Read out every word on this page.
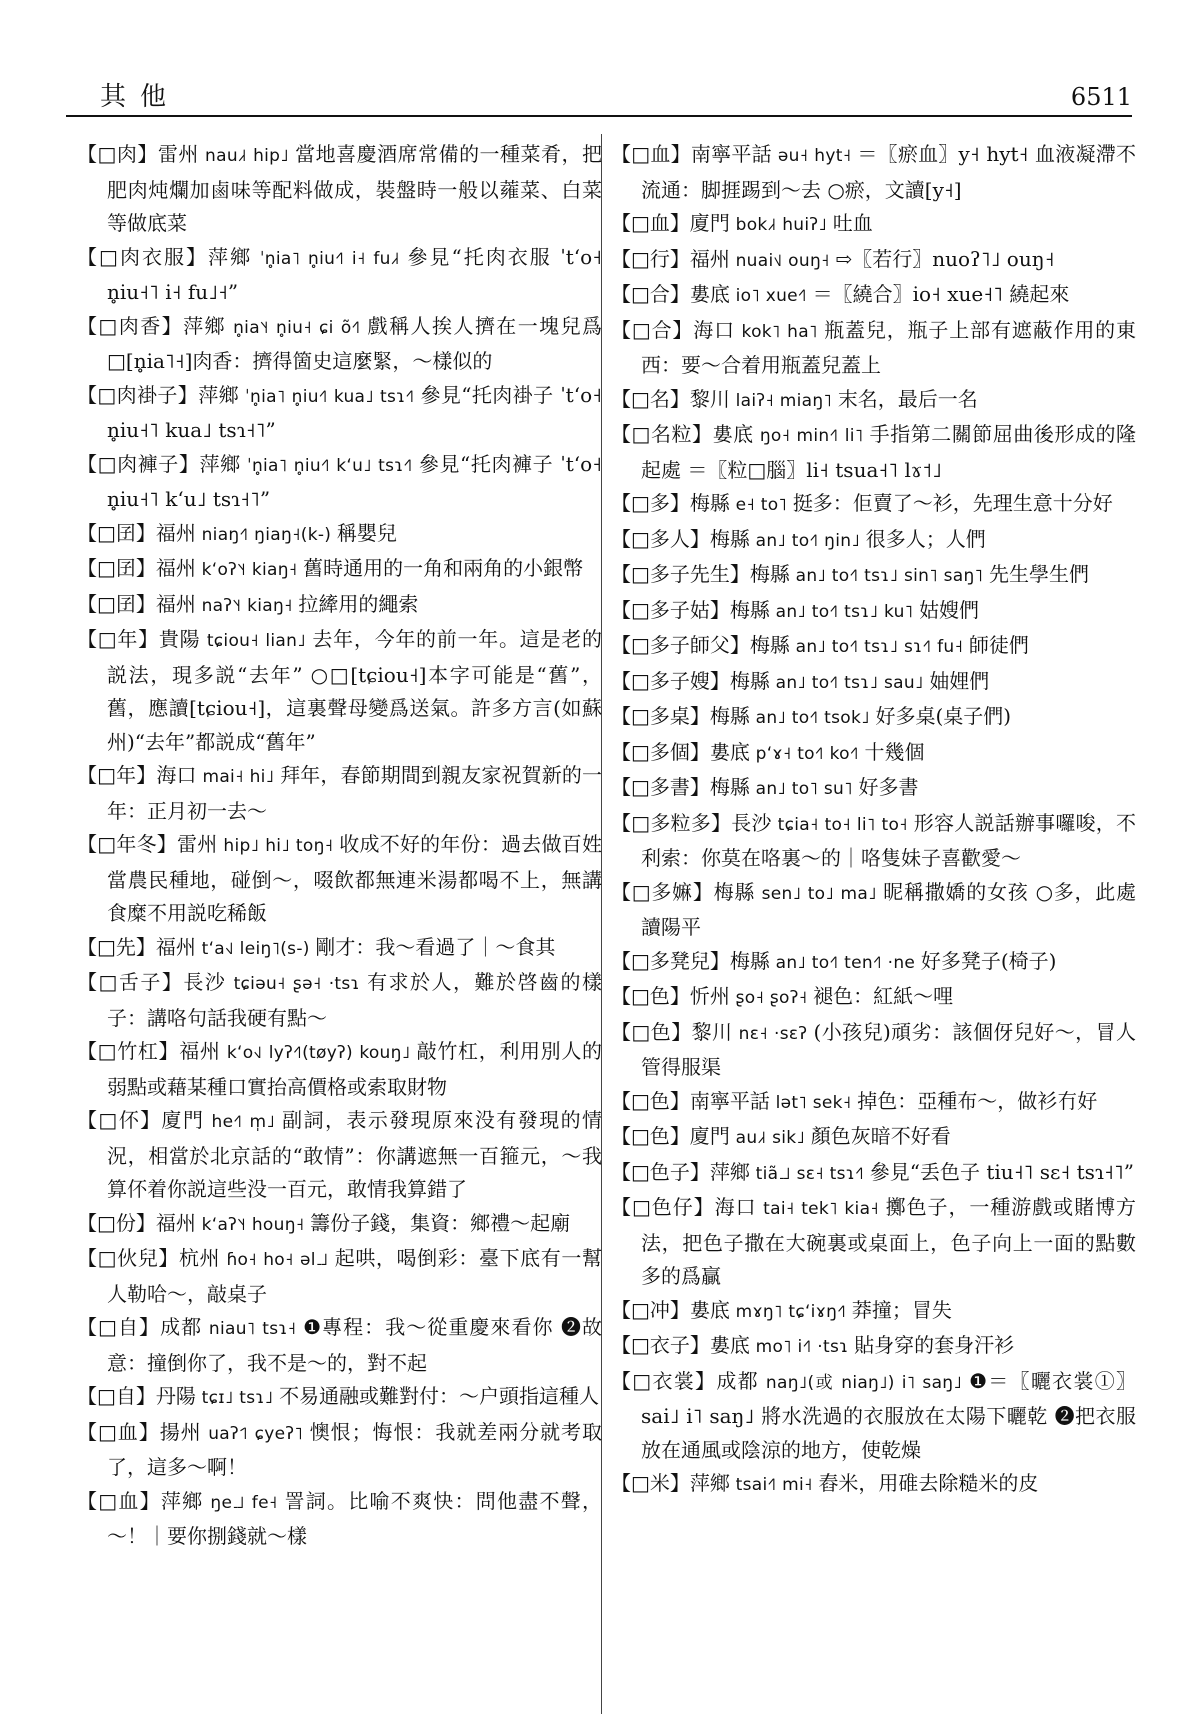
其他	6511

【□肉】雷州 nau˩˧ hip˩ 當地喜慶酒席常備的一種菜肴，把肥肉炖爛加鹵味等配料做成，裝盤時一般以蕹菜、白菜等做底菜

【□肉衣服】萍鄉 ˈn̥ia˥ n̥iu˧˥ i˧ fu˩˧ 參見“托肉衣服 ˈtʻo˧ n̥iu˧˥ i˧ fu˩˧”

【□肉香】萍鄉 n̥ia˥˧ n̥iu˧ ɕi õ˧˥ 戲稱人挨人擠在一塊兒爲□[n̥ia˥˧]肉香：擠得箇史這麼緊，～樣似的

【□肉褂子】萍鄉 ˈn̥ia˥ n̥iu˧˥ kua˩ tsɿ˧˥ 參見“托肉褂子 ˈtʻo˧ n̥iu˧˥ kua˩ tsɿ˧˥”

【□肉褲子】萍鄉 ˈn̥ia˥ n̥iu˧˥ kʻu˩ tsɿ˧˥ 參見“托肉褲子 ˈtʻo˧ n̥iu˧˥ kʻu˩ tsɿ˧˥”

【□囝】福州 niaŋ˧˥ ŋiaŋ˧(k-) 稱嬰兒

【□囝】福州 kʻoʔ˥˧ kiaŋ˧ 舊時通用的一角和兩角的小銀幣

【□囝】福州 naʔ˥˧ kiaŋ˧ 拉縴用的繩索

【□年】貴陽 tɕiou˧ lian˩ 去年，今年的前一年。這是老的説法，現多説“去年” ○□[tɕiou˧]本字可能是“舊”，舊，應讀[tɕiou˧]，這裏聲母變爲送氣。許多方言(如蘇州)“去年”都説成“舊年”

【□年】海口 mai˧ hi˩ 拜年，春節期間到親友家祝賀新的一年：正月初一去～

【□年冬】雷州 hip˩ hi˩ toŋ˧ 收成不好的年份：過去做百姓當農民種地，碰倒～，啜飲都無連米湯都喝不上，無講食糜不用説吃稀飯

【□先】福州 tʻa˧˩ leiŋ˥(s-) 剛才：我～看過了｜～食其

【□舌子】長沙 tɕiəu˧ ʂə˧ ·tsɿ 有求於人，難於啓齒的樣子：講咯句話我硬有點～

【□竹杠】福州 kʻo˧˩ lyʔ˧˥(tøyʔ) kouŋ˩ 敲竹杠，利用別人的弱點或藉某種口實抬高價格或索取財物

【□伓】廈門 he˧˥ m̩˩ 副詞，表示發現原來没有發現的情況，相當於北京話的“敢情”：你講遮無一百箍元，～我算伓着你説這些没一百元，敢情我算錯了

【□份】福州 kʻaʔ˥˧ houŋ˧ 籌份子錢，集資：鄉禮～起廟

【□伙兒】杭州 ɦo˧ ho˧ əl˩˩ 起哄，喝倒彩：臺下底有一幫人勒哈～，敲桌子

【□自】成都 niau˥ tsɿ˧ ❶專程：我～從重慶來看你 ❷故意：撞倒你了，我不是～的，對不起

【□自】丹陽 tɕɪ˩ tsɿ˩ 不易通融或難對付：～户頭指這種人

【□血】揚州 uaʔ˦˥ ɕyeʔ˥ 懊恨；悔恨：我就差兩分就考取了，這多～啊！

【□血】萍鄉 ŋe˩˩ fe˧ 詈詞。比喻不爽快：問他盡不聲，～！｜要你捌錢就～樣

【□血】南寧平話 əu˧ hyt˧ ＝〖瘀血〗y˧ hyt˧ 血液凝滯不流通：脚捱踢到～去 ○瘀，文讀[y˧]

【□血】廈門 bok˩˧ huiʔ˩ 吐血

【□行】福州 nuai˦˩ ouŋ˧ ⇨〖若行〗nuoʔ˥˩ ouŋ˧

【□合】婁底 io˥ xue˧˥ ＝〖繞合〗io˧ xue˧˥ 繞起來

【□合】海口 kok˥ ha˥ 瓶蓋兒，瓶子上部有遮蔽作用的東西：要～合着用瓶蓋兒蓋上

【□名】黎川 laiʔ˧ miaŋ˥ 末名，最后一名

【□名粒】婁底 ŋo˧ min˧˥ li˥ 手指第二關節屈曲後形成的隆起處 ＝〖粒□腦〗li˧ tsua˧˥ lɤ˦˩

【□多】梅縣 e˧ to˥ 挺多：佢賣了～衫，先理生意十分好

【□多人】梅縣 an˩ to˧˥ ŋin˩ 很多人；人們

【□多子先生】梅縣 an˩ to˧˥ tsɿ˩ sin˥ saŋ˥ 先生學生們

【□多子姑】梅縣 an˩ to˧˥ tsɿ˩ ku˥ 姑嫂們

【□多子師父】梅縣 an˩ to˧˥ tsɿ˩ sɿ˧˥ fu˧ 師徒們

【□多子嫂】梅縣 an˩ to˧˥ tsɿ˩ sau˩ 妯娌們

【□多桌】梅縣 an˩ to˧˥ tsok˩ 好多桌(桌子們)

【□多個】婁底 pʻɤ˧ to˧˥ ko˧˥ 十幾個

【□多書】梅縣 an˩ to˥ su˥ 好多書

【□多粒多】長沙 tɕia˧ to˧ li˥ to˧ 形容人説話辦事囉唆，不利索：你莫在咯裏～的｜咯隻妹子喜歡愛～

【□多嫲】梅縣 sen˩ to˩ ma˩ 昵稱撒嬌的女孩 ○多，此處讀陽平

【□多凳兒】梅縣 an˩ to˧˥ ten˧˥ ·ne 好多凳子(椅子)

【□色】忻州 ʂo˧ ʂoʔ˧ 褪色：紅紙～哩

【□色】黎川 nɛ˧ ·sɛʔ (小孩兒)頑劣：該個伢兒好～，冒人管得服渠

【□色】南寧平話 lət˥ sek˧ 掉色：亞種布～，做衫冇好

【□色】廈門 au˩˧ sik˩ 顏色灰暗不好看

【□色子】萍鄉 tiã˩˩ sɛ˧ tsɿ˧˥ 參見“丢色子 tiu˧˥ sɛ˧ tsɿ˧˥”

【□色仔】海口 tai˧ tek˥ kia˧ 擲色子，一種游戲或賭博方法，把色子撒在大碗裏或桌面上，色子向上一面的點數多的爲贏

【□冲】婁底 mɤŋ˥ tɕʻiɤŋ˧˥ 莽撞；冒失

【□衣子】婁底 mo˥ i˧˥ ·tsɿ 貼身穿的套身汗衫

【□衣裳】成都 naŋ˩(或 niaŋ˩) i˥ saŋ˩ ❶＝〖曬衣裳①〗sai˩ i˥ saŋ˩ 將水洗過的衣服放在太陽下曬乾 ❷把衣服放在通風或陰涼的地方，使乾燥

【□米】萍鄉 tsai˧˥ mi˧ 舂米，用碓去除糙米的皮
